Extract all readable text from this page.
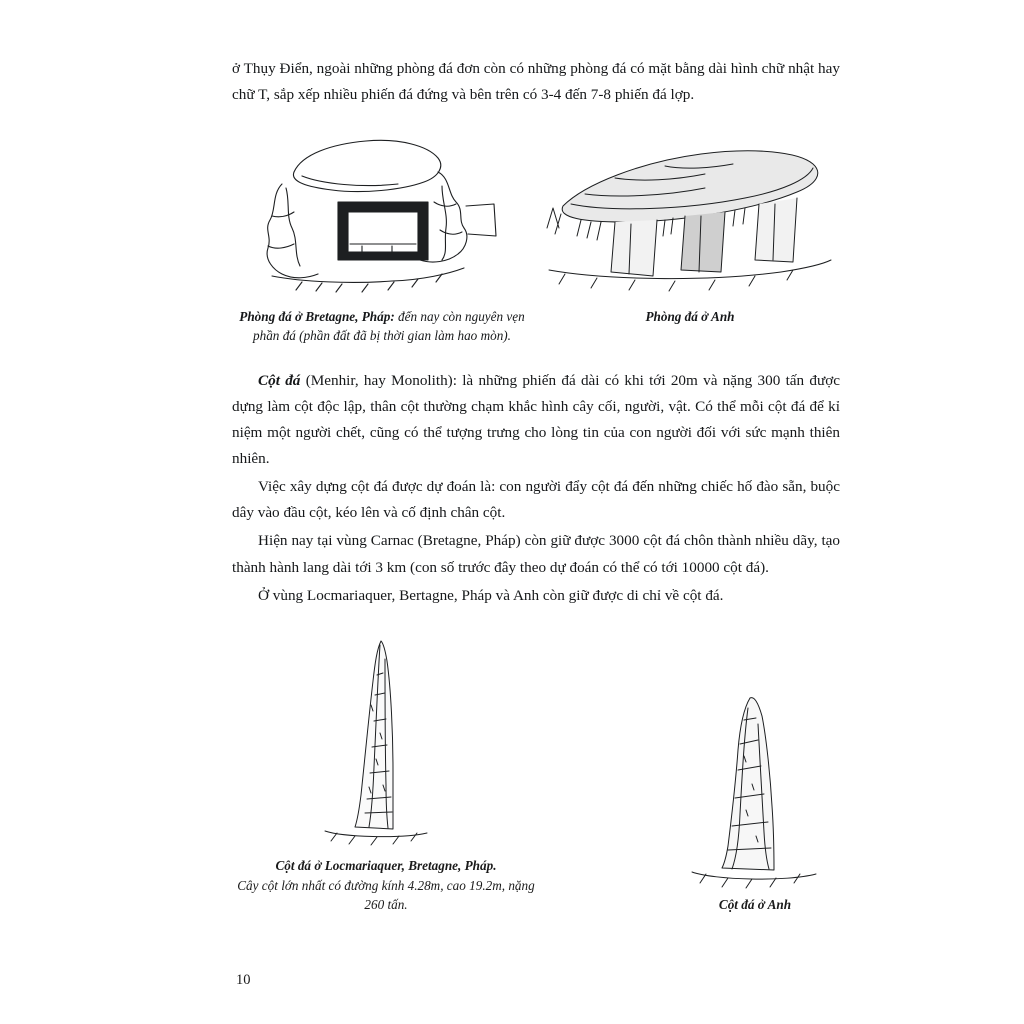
ở Thụy Điển, ngoài những phòng đá đơn còn có những phòng đá có mặt bằng dài hình chữ nhật hay chữ T, sắp xếp nhiều phiến đá đứng và bên trên có 3-4 đến 7-8 phiến đá lợp.

Phòng đá ở Bretagne, Pháp: đến nay còn nguyên vẹn phần đá (phần đất đã bị thời gian làm hao mòn).
Phòng đá ở Anh

Cột đá (Menhir, hay Monolith): là những phiến đá dài có khi tới 20m và nặng 300 tấn được dựng làm cột độc lập, thân cột thường chạm khắc hình cây cối, người, vật. Có thể mỗi cột đá để kỉ niệm một người chết, cũng có thể tượng trưng cho lòng tin của con người đối với sức mạnh thiên nhiên.

Việc xây dựng cột đá được dự đoán là: con người đẩy cột đá đến những chiếc hố đào sẵn, buộc dây vào đầu cột, kéo lên và cố định chân cột.

Hiện nay tại vùng Carnac (Bretagne, Pháp) còn giữ được 3000 cột đá chôn thành nhiều dãy, tạo thành hành lang dài tới 3 km (con số trước đây theo dự đoán có thể có tới 10000 cột đá).

Ở vùng Locmariaquer, Bertagne, Pháp và Anh còn giữ được di chỉ về cột đá.

Cột đá ở Locmariaquer, Bretagne, Pháp.
Cây cột lớn nhất có đường kính 4.28m, cao 19.2m, nặng 260 tấn.	Cột đá ở Anh
10
